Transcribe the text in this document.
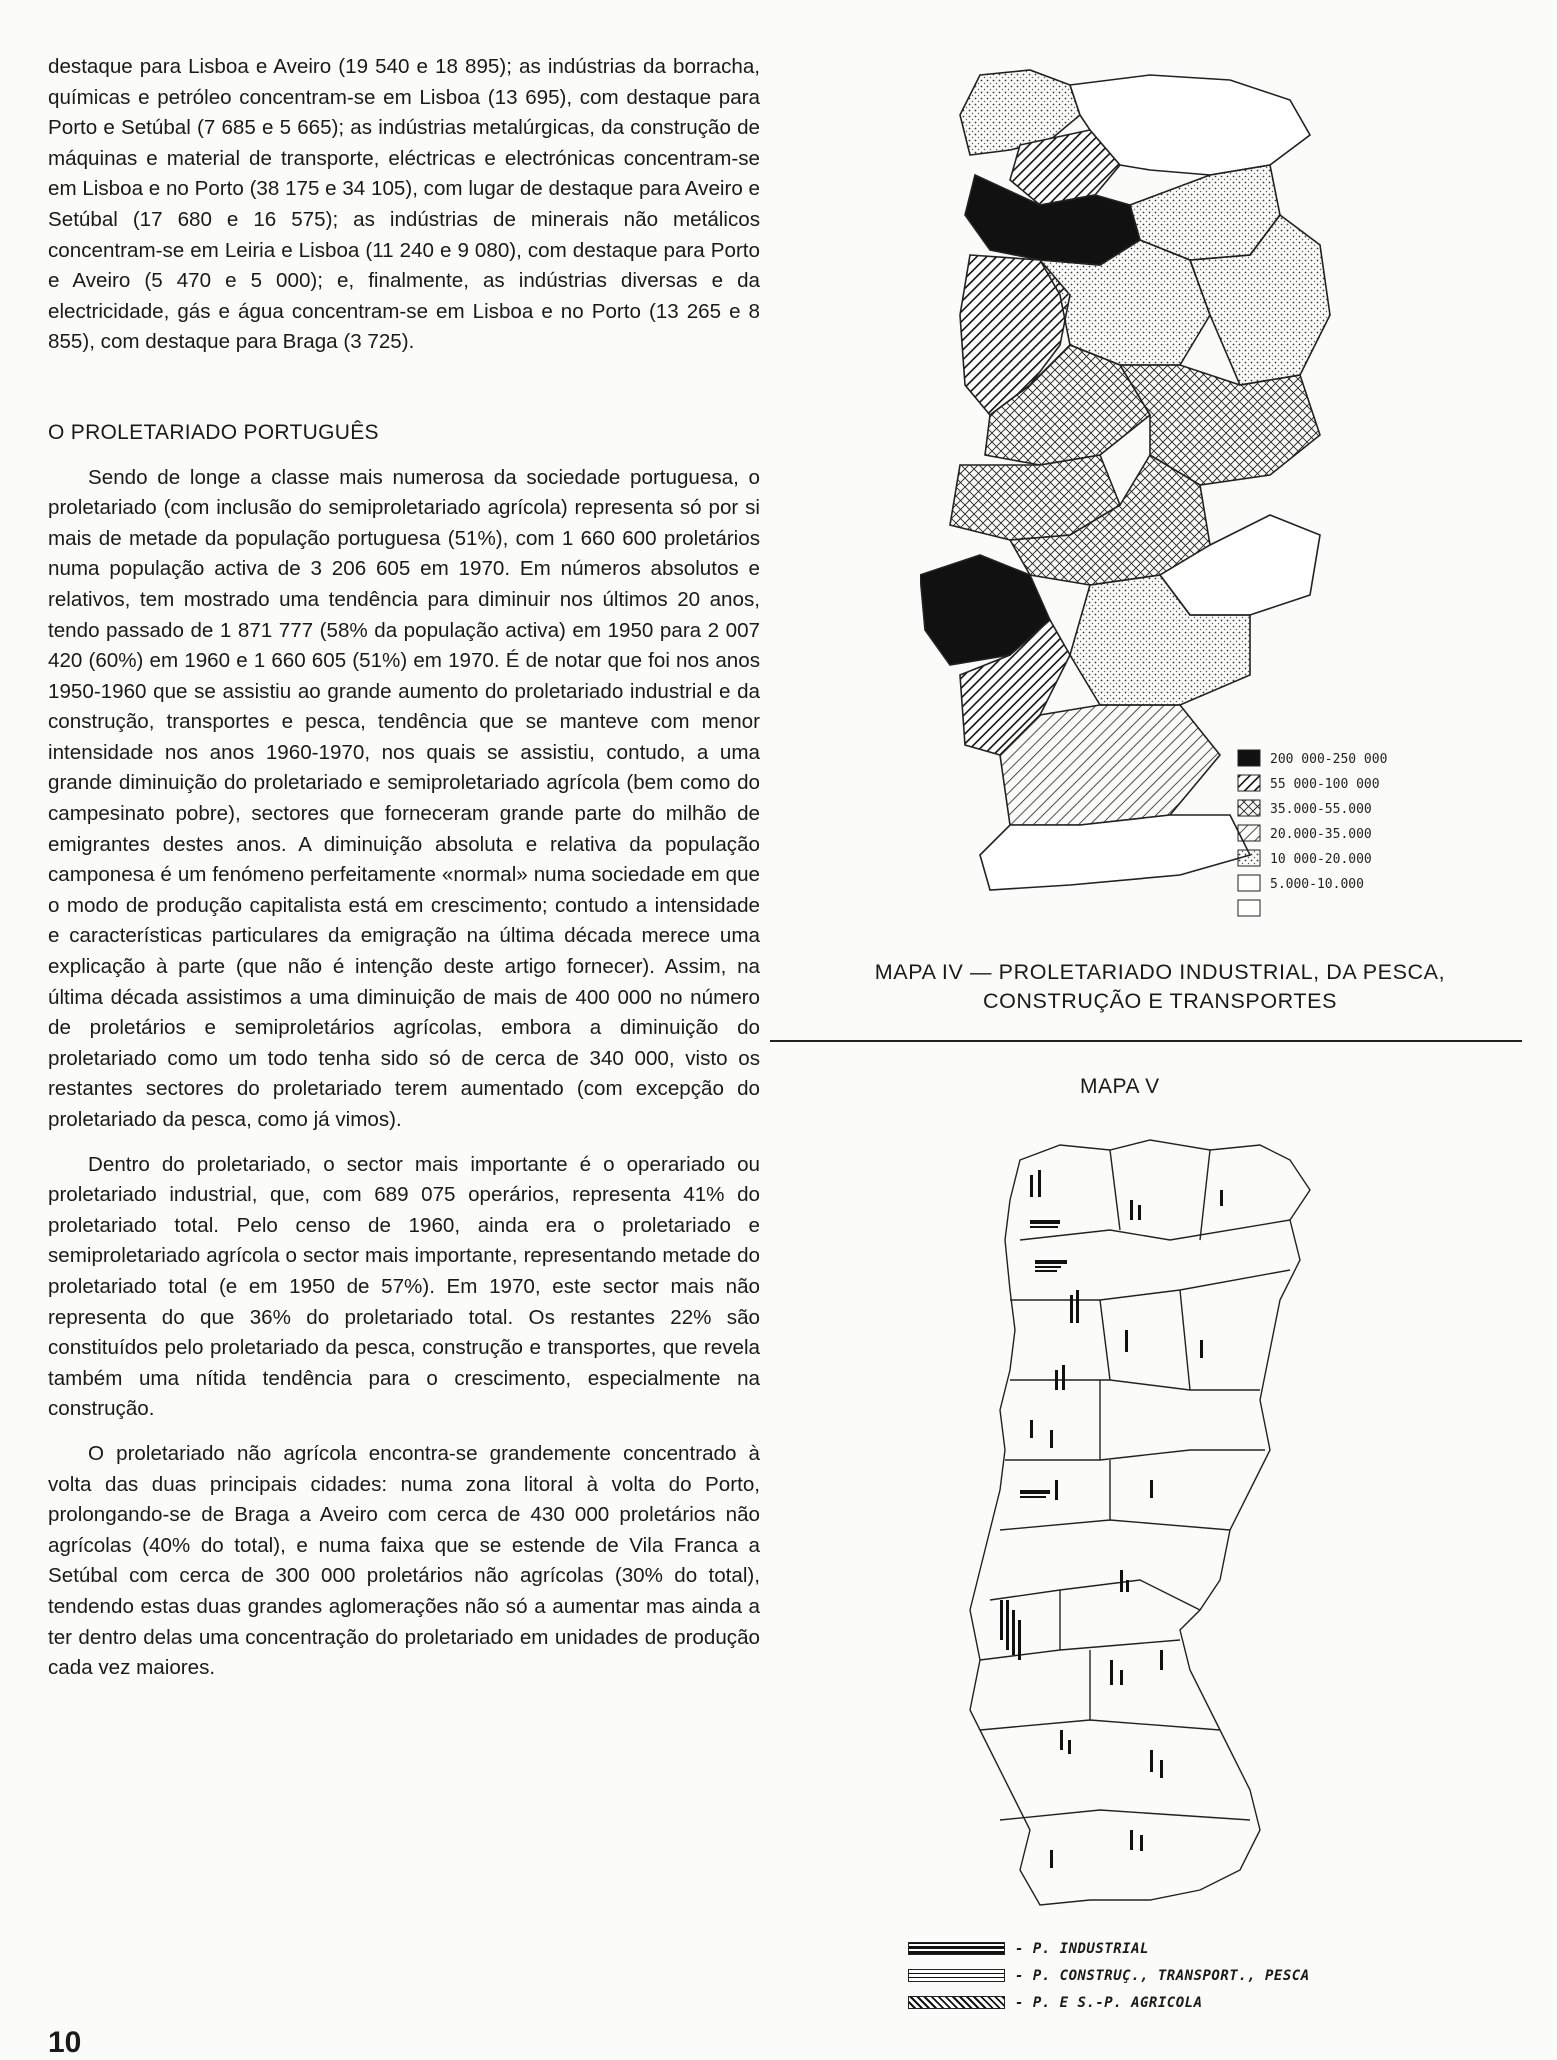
destaque para Lisboa e Aveiro (19 540 e 18 895); as indústrias da borracha, químicas e petróleo concentram-se em Lisboa (13 695), com destaque para Porto e Setúbal (7 685 e 5 665); as indústrias metalúrgicas, da construção de máquinas e material de transporte, eléctricas e electrónicas concentram-se em Lisboa e no Porto (38 175 e 34 105), com lugar de destaque para Aveiro e Setúbal (17 680 e 16 575); as indústrias de minerais não metálicos concentram-se em Leiria e Lisboa (11 240 e 9 080), com destaque para Porto e Aveiro (5 470 e 5 000); e, finalmente, as indústrias diversas e da electricidade, gás e água concentram-se em Lisboa e no Porto (13 265 e 8 855), com destaque para Braga (3 725).

O PROLETARIADO PORTUGUÊS

Sendo de longe a classe mais numerosa da sociedade portuguesa, o proletariado (com inclusão do semiproletariado agrícola) representa só por si mais de metade da população portuguesa (51%), com 1 660 600 proletários numa população activa de 3 206 605 em 1970. Em números absolutos e relativos, tem mostrado uma tendência para diminuir nos últimos 20 anos, tendo passado de 1 871 777 (58% da população activa) em 1950 para 2 007 420 (60%) em 1960 e 1 660 605 (51%) em 1970. É de notar que foi nos anos 1950-1960 que se assistiu ao grande aumento do proletariado industrial e da construção, transportes e pesca, tendência que se manteve com menor intensidade nos anos 1960-1970, nos quais se assistiu, contudo, a uma grande diminuição do proletariado e semiproletariado agrícola (bem como do campesinato pobre), sectores que forneceram grande parte do milhão de emigrantes destes anos. A diminuição absoluta e relativa da população camponesa é um fenómeno perfeitamente «normal» numa sociedade em que o modo de produção capitalista está em crescimento; contudo a intensidade e características particulares da emigração na última década merece uma explicação à parte (que não é intenção deste artigo fornecer). Assim, na última década assistimos a uma diminuição de mais de 400 000 no número de proletários e semiproletários agrícolas, embora a diminuição do proletariado como um todo tenha sido só de cerca de 340 000, visto os restantes sectores do proletariado terem aumentado (com excepção do proletariado da pesca, como já vimos).

Dentro do proletariado, o sector mais importante é o operariado ou proletariado industrial, que, com 689 075 operários, representa 41% do proletariado total. Pelo censo de 1960, ainda era o proletariado e semiproletariado agrícola o sector mais importante, representando metade do proletariado total (e em 1950 de 57%). Em 1970, este sector mais não representa do que 36% do proletariado total. Os restantes 22% são constituídos pelo proletariado da pesca, construção e transportes, que revela também uma nítida tendência para o crescimento, especialmente na construção.

O proletariado não agrícola encontra-se grandemente concentrado à volta das duas principais cidades: numa zona litoral à volta do Porto, prolongando-se de Braga a Aveiro com cerca de 430 000 proletários não agrícolas (40% do total), e numa faixa que se estende de Vila Franca a Setúbal com cerca de 300 000 proletários não agrícolas (30% do total), tendendo estas duas grandes aglomerações não só a aumentar mas ainda a ter dentro delas uma concentração do proletariado em unidades de produção cada vez maiores.

200 000-250 000
55 000-100 000
35.000-55.000
20.000-35.000
10 000-20.000
5.000-10.000
MAPA IV — PROLETARIADO INDUSTRIAL, DA PESCA,
CONSTRUÇÃO E TRANSPORTES
MAPA V
- P. INDUSTRIAL
- P. CONSTRUÇ., TRANSPORT., PESCA
- P. E S.-P. AGRICOLA
10
